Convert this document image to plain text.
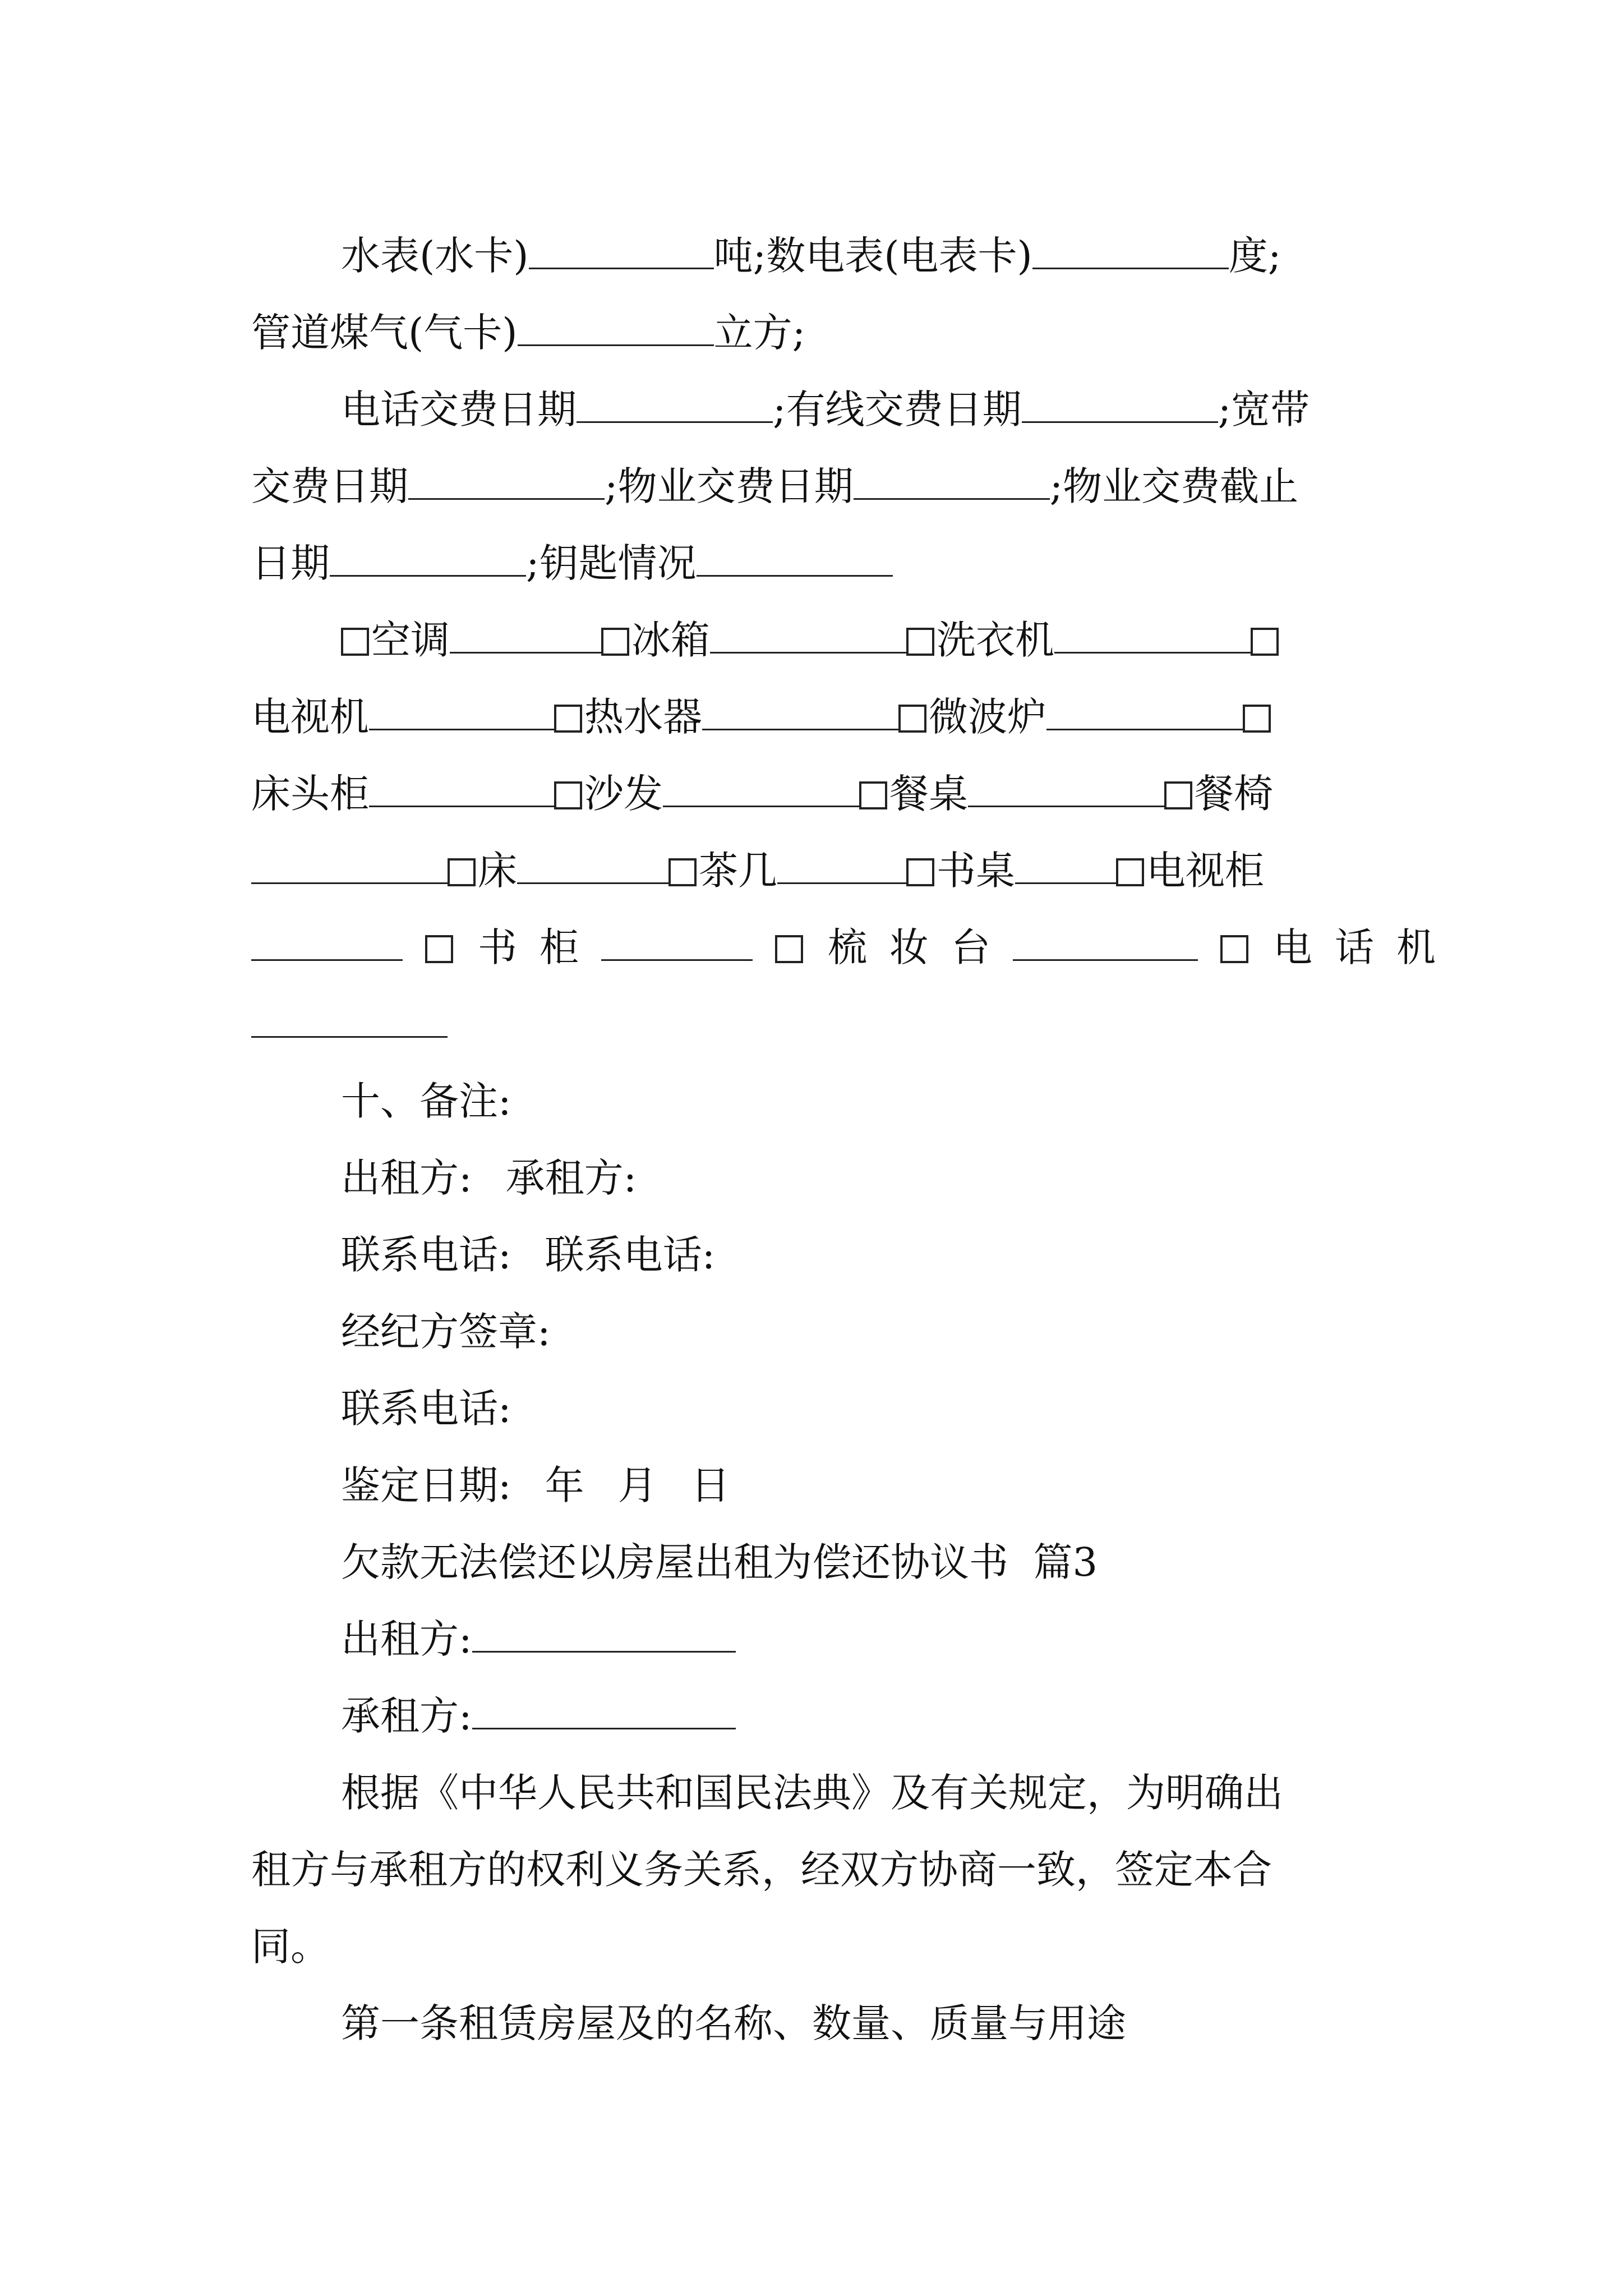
水表(水卡)	吨;数电表(电表卡)	度;
管道煤气(气卡)	立方;
电话交费日期	;有线交费日期	;宽带
交费日期	;物业交费日期	;物业交费截止
日期	;钥匙情况
空调	冰箱	洗衣机
电视机	热水器	微波炉
床头柜	沙发	餐桌	餐椅
床	茶几	书桌	电视柜
书柜	梳妆台	电话机
十、备注:
出租方: 承租方:
联系电话: 联系电话:
经纪方签章:
联系电话:
鉴定日期: 年 月 日
欠款无法偿还以房屋出租为偿还协议书  篇3
出租方:
承租方:
根据《中华人民共和国民法典》及有关规定，为明确出
租方与承租方的权利义务关系，经双方协商一致，签定本合
同。
第一条租赁房屋及的名称、数量、质量与用途
